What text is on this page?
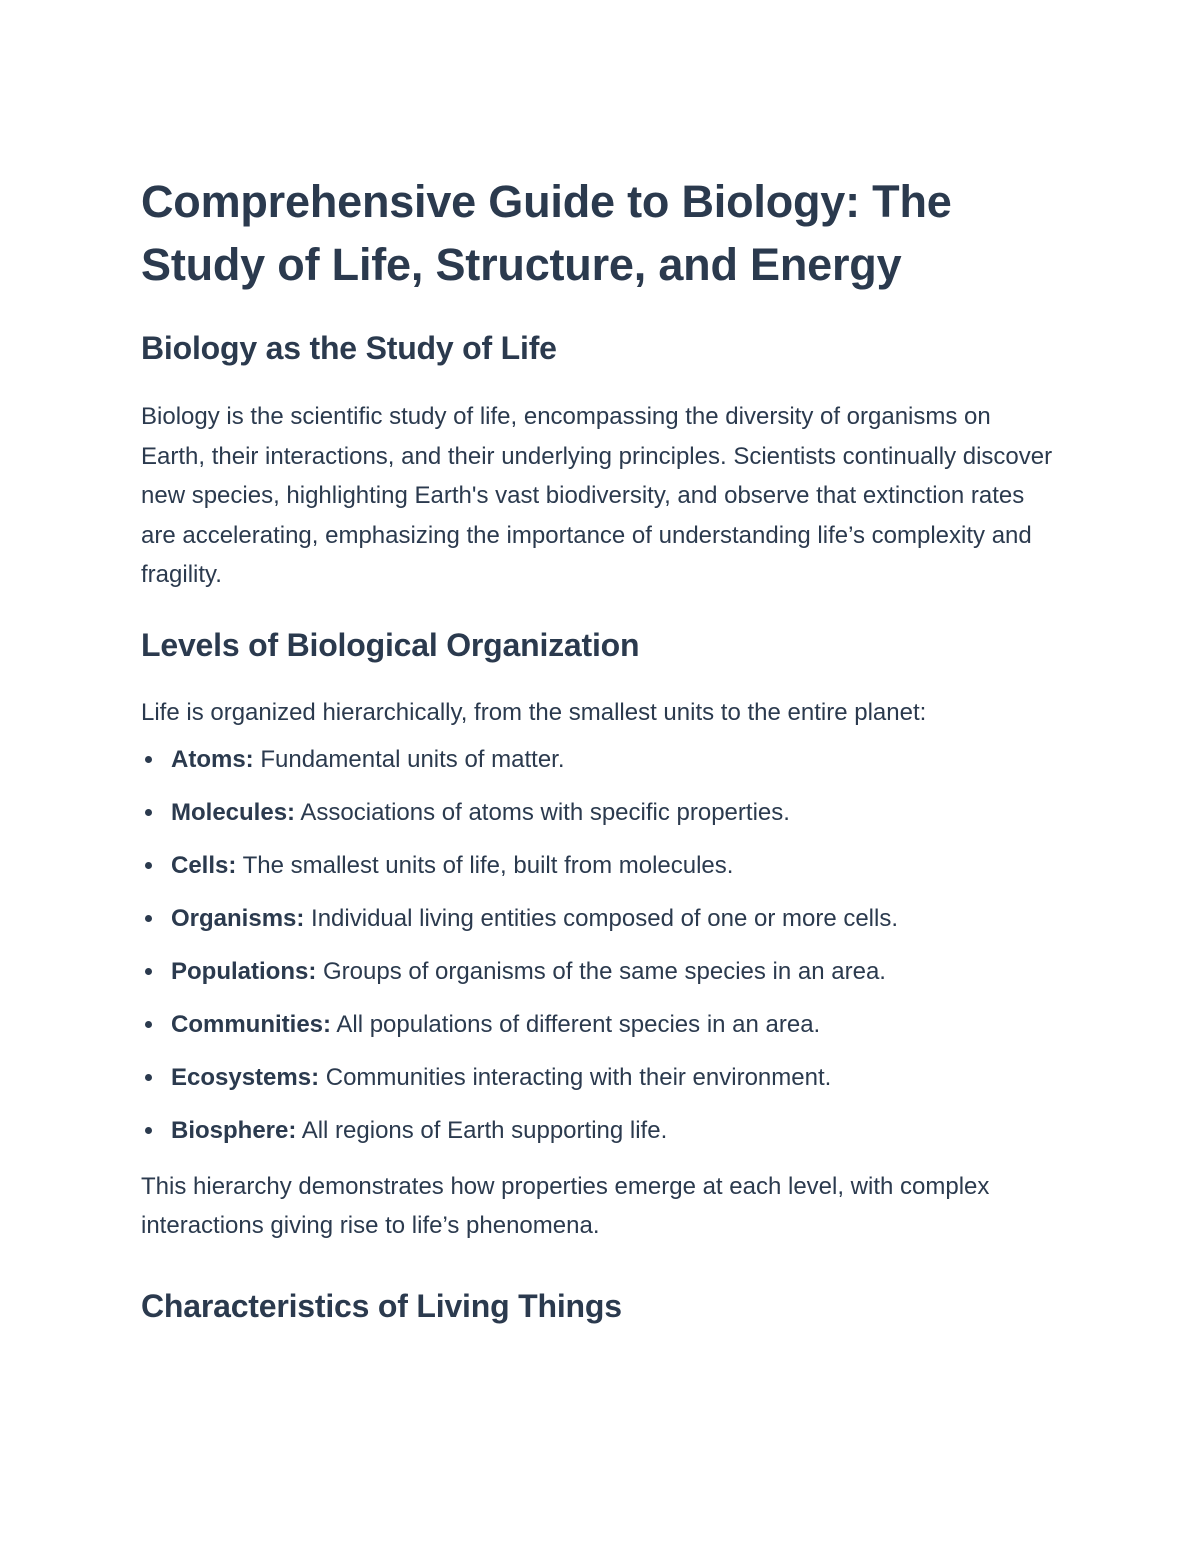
Comprehensive Guide to Biology: The Study of Life, Structure, and Energy
Biology as the Study of Life

Biology is the scientific study of life, encompassing the diversity of organisms on Earth, their interactions, and their underlying principles. Scientists continually discover new species, highlighting Earth's vast biodiversity, and observe that extinction rates are accelerating, emphasizing the importance of understanding life’s complexity and fragility.

Levels of Biological Organization

Life is organized hierarchically, from the smallest units to the entire planet:

Atoms: Fundamental units of matter.
Molecules: Associations of atoms with specific properties.
Cells: The smallest units of life, built from molecules.
Organisms: Individual living entities composed of one or more cells.
Populations: Groups of organisms of the same species in an area.
Communities: All populations of different species in an area.
Ecosystems: Communities interacting with their environment.
Biosphere: All regions of Earth supporting life.

This hierarchy demonstrates how properties emerge at each level, with complex interactions giving rise to life’s phenomena.

Characteristics of Living Things
